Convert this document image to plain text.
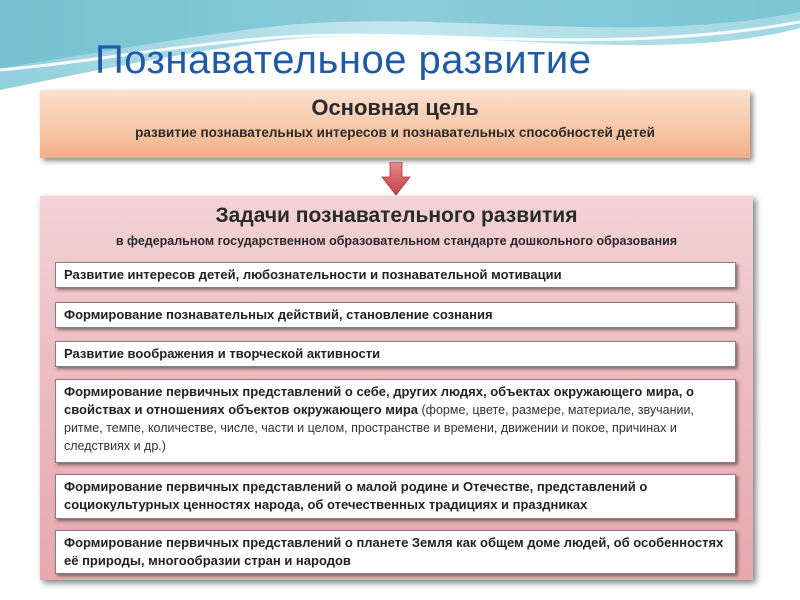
Познавательное развитие
Основная цель
развитие познавательных интересов и познавательных способностей детей
Задачи познавательного развития
в федеральном государственном образовательном стандарте дошкольного образования
Развитие интересов детей, любознательности и познавательной мотивации
Формирование познавательных действий, становление сознания
Развитие воображения и творческой активности
Формирование первичных представлений о себе, других людях, объектах окружающего мира, о свойствах и отношениях объектов окружающего мира (форме, цвете, размере, материале, звучании, ритме, темпе, количестве, числе, части и целом, пространстве и времени, движении и покое, причинах и следствиях и др.)
Формирование первичных представлений о малой родине и Отечестве, представлений о социокультурных ценностях народа, об отечественных традициях и праздниках
Формирование первичных представлений о планете Земля как общем доме людей, об особенностях её природы, многообразии стран и народов
